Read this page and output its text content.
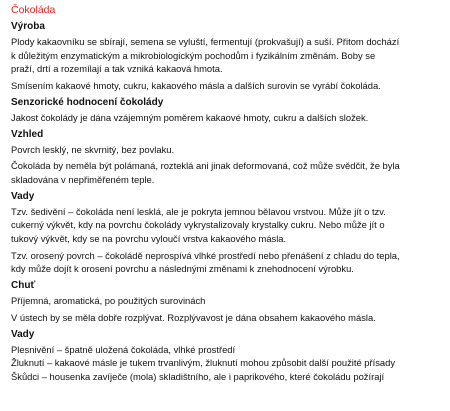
Čokoláda
Výroba
Plody kakaovníku se sbírají, semena se vyluští, fermentují (prokvašují) a suší. Přitom dochází
k důležitým enzymatickým a mikrobiologickým pochodům i fyzikálním změnám. Boby se
praží, drtí a rozemílají a tak vzniká kakaová hmota.
Smísením kakaové hmoty, cukru, kakaového másla a dalších surovin se vyrábí čokoláda.
Senzorické hodnocení čokolády
Jakost čokolády je dána vzájemným poměrem kakaové hmoty, cukru a dalších složek.
Vzhled
Povrch lesklý, ne skvrnitý, bez povlaku.
Čokoláda by neměla být polámaná, rozteklá ani jinak deformovaná, což může svědčit, že byla
skladována v nepřiměřeném teple.
Vady
Tzv. šedivění – čokoláda není lesklá, ale je pokryta jemnou bělavou vrstvou. Může jít o tzv.
cukerný výkvět, kdy na povrchu čokolády vykrystalizovaly krystalky cukru. Nebo může jít o
tukový výkvět, kdy se na povrchu vyloučí vrstva kakaového másla.
Tzv. orosený povrch – čokoládě neprospívá vlhké prostředí nebo přenášení z chladu do tepla,
kdy může dojít k orosení povrchu a následnými změnami k znehodnocení výrobku.
Chuť
Příjemná, aromatická, po použitých surovinách
V ústech by se měla dobře rozplývat. Rozplývavost je dána obsahem kakaového másla.
Vady
Plesnivění – špatně uložená čokoláda, vlhké prostředí
Žluknutí – kakaové másle je tukem trvanlivým, žluknutí mohou způsobit další použité přísady
Škůdci – housenka zavíječe (mola) skladištního, ale i paprikového, které čokoládu požírají
